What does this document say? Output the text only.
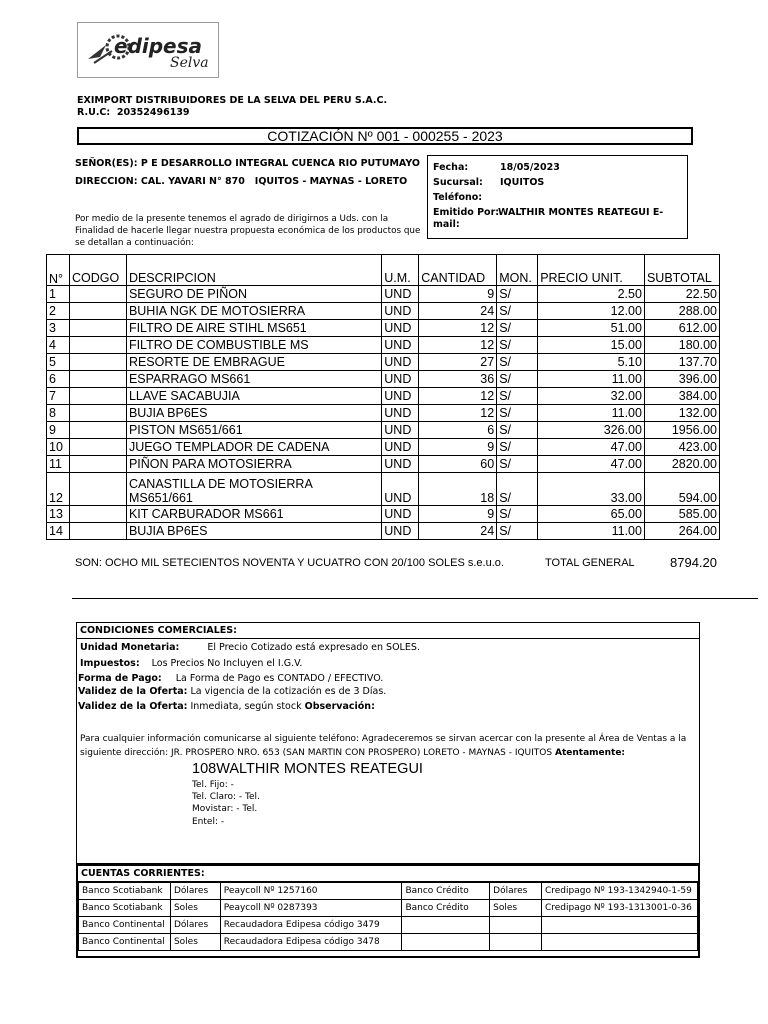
edipesa
Selva
EXIMPORT DISTRIBUIDORES DE LA SELVA DEL PERU S.A.C.
R.U.C: 20352496139
COTIZACIÓN Nº 001 - 000255 - 2023
SEÑOR(ES): P E DESARROLLO INTEGRAL CUENCA RIO PUTUMAYO
DIRECCION: CAL. YAVARI N° 870   IQUITOS - MAYNAS - LORETO
Por medio de la presente tenemos el agrado de dirigirnos a Uds. con la
Finalidad de hacerle llegar nuestra propuesta económica de los productos que
se detallan a continuación:
Fecha:	18/05/2023
Sucursal: IQUITOS
Teléfono:
Emitido Por:
WALTHIR MONTES REATEGUI E-
mail:
N°	CODGO	DESCRIPCION	U.M.	CANTIDAD	MON.	PRECIO UNIT.	SUBTOTAL
1		SEGURO DE PIÑON	UND	9	S/	2.50	22.50
2		BUHIA NGK DE MOTOSIERRA	UND	24	S/	12.00	288.00
3		FILTRO DE AIRE STIHL MS651	UND	12	S/	51.00	612.00
4		FILTRO DE COMBUSTIBLE MS	UND	12	S/	15.00	180.00
5		RESORTE DE EMBRAGUE	UND	27	S/	5.10	137.70
6		ESPARRAGO MS661	UND	36	S/	11.00	396.00
7		LLAVE SACABUJIA	UND	12	S/	32.00	384.00
8		BUJIA BP6ES	UND	12	S/	11.00	132.00
9		PISTON MS651/661	UND	6	S/	326.00	1956.00
10		JUEGO TEMPLADOR DE CADENA	UND	9	S/	47.00	423.00
11		PIÑON PARA MOTOSIERRA	UND	60	S/	47.00	2820.00
12		CANASTILLA DE MOTOSIERRA
MS651/661	UND	18	S/	33.00	594.00
13		KIT CARBURADOR MS661	UND	9	S/	65.00	585.00
14		BUJIA BP6ES	UND	24	S/	11.00	264.00
SON: OCHO MIL SETECIENTOS NOVENTA Y UCUATRO CON 20/100 SOLES s.e.u.o.	TOTAL GENERAL	8794.20
CONDICIONES COMERCIALES:
Unidad Monetaria:	El Precio Cotizado está expresado en SOLES.
Impuestos: Los Precios No Incluyen el I.G.V.
Forma de Pago: La Forma de Pago es CONTADO / EFECTIVO.
Validez de la Oferta: La vigencia de la cotización es de 3 Días.
Validez de la Oferta: Inmediata, según stock Observación:
Para cualquier información comunicarse al siguiente teléfono: Agradeceremos se sirvan acercar con la presente al Área de Ventas a la
siguiente dirección: JR. PROSPERO NRO. 653 (SAN MARTIN CON PROSPERO) LORETO - MAYNAS - IQUITOS Atentamente:
108WALTHIR MONTES REATEGUI
Tel. Fijo: -
Tel. Claro: - Tel.
Movistar: - Tel.
Entel: -
CUENTAS CORRIENTES:
Banco Scotiabank	Dólares	Peaycoll Nº 1257160	Banco Crédito	Dólares	Credipago Nº 193-1342940-1-59
Banco Scotiabank	Soles	Peaycoll Nº 0287393	Banco Crédito	Soles	Credipago Nº 193-1313001-0-36
Banco Continental	Dólares	Recaudadora Edipesa código 3479			
Banco Continental	Soles	Recaudadora Edipesa código 3478			
